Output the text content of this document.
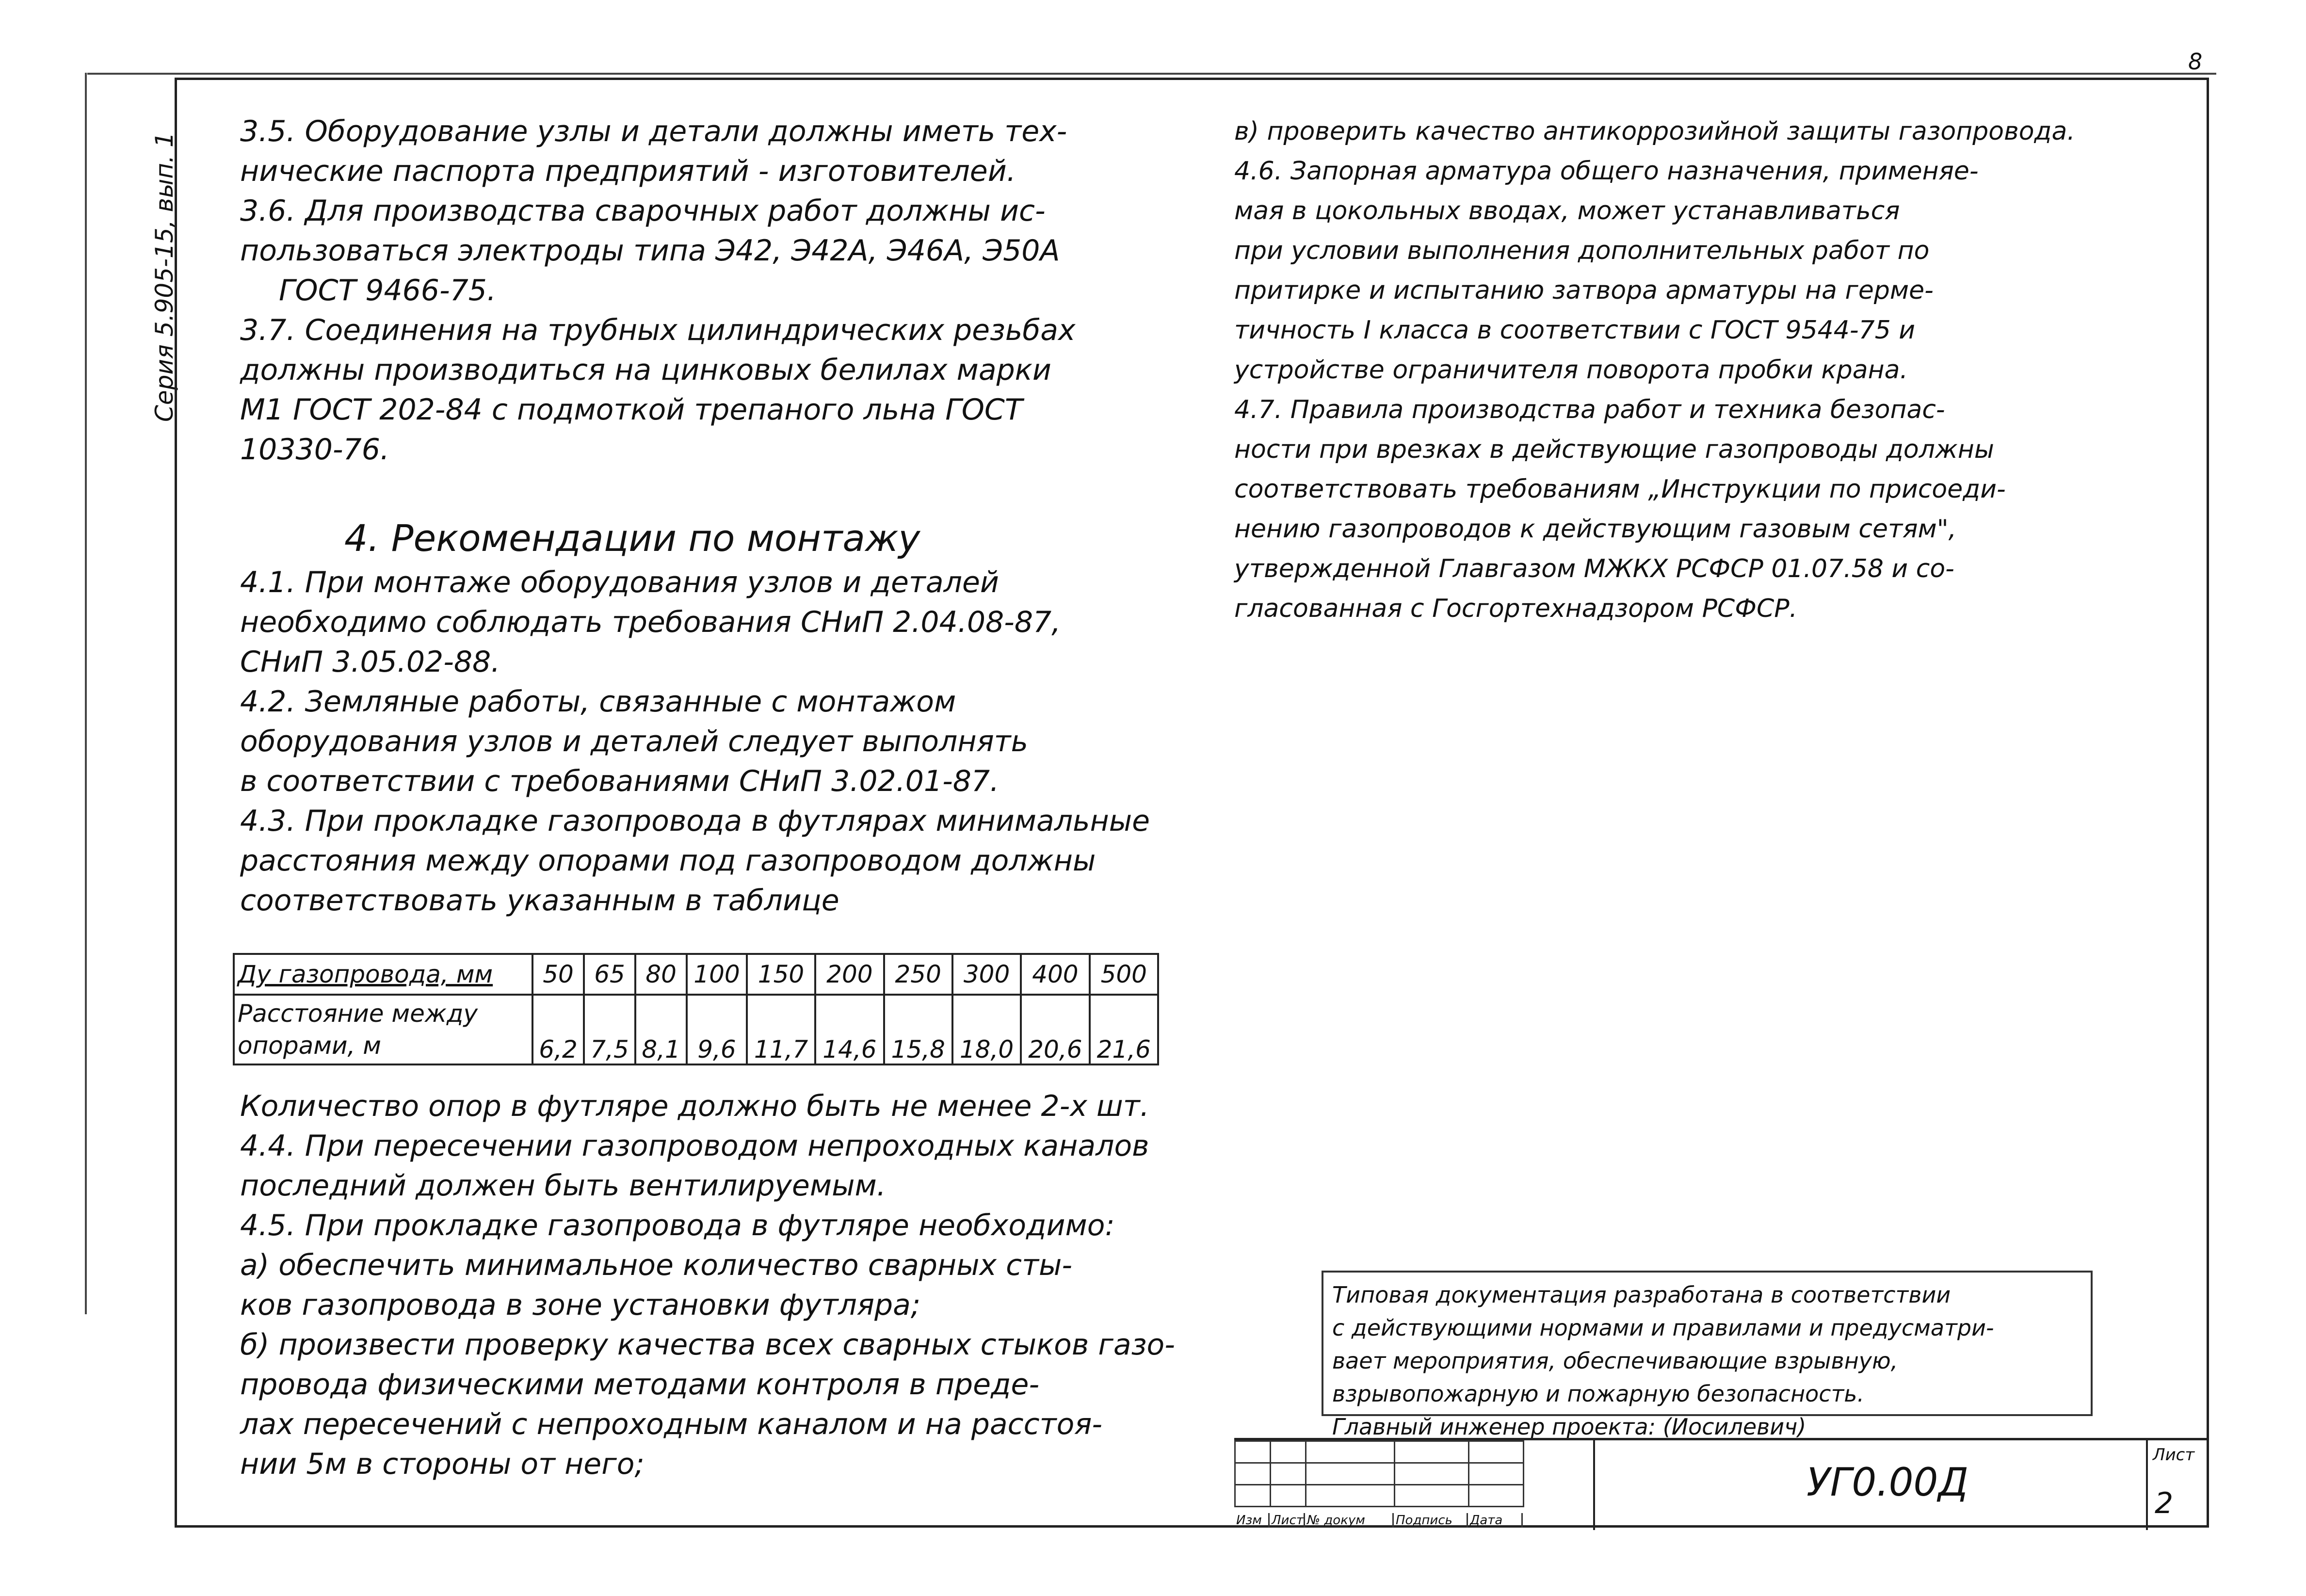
8
Серия 5.905-15, вып. 1

3.5. Оборудование узлы и детали должны иметь тех-

нические паспорта предприятий - изготовителей.

3.6. Для производства сварочных работ должны ис-

пользоваться электроды типа Э42, Э42А, Э46А, Э50А

ГОСТ 9466-75.

3.7. Соединения на трубных цилиндрических резьбах

должны производиться на цинковых белилах марки

М1 ГОСТ 202-84 с подмоткой трепаного льна ГОСТ

10330-76.

4. Рекомендации по монтажу

4.1. При монтаже оборудования узлов и деталей

необходимо соблюдать требования СНиП 2.04.08-87,

СНиП 3.05.02-88.

4.2. Земляные работы, связанные с монтажом

оборудования узлов и деталей следует выполнять

в соответствии с требованиями СНиП 3.02.01-87.

4.3. При прокладке газопровода в футлярах минимальные

расстояния между опорами под газопроводом должны

соответствовать указанным в таблице

Ду газопровода, мм	50	65	80	100	150	200	250	300	400	500

Расстояние между
опорами, м	6,2	7,5	8,1	9,6	11,7	14,6	15,8	18,0	20,6	21,6

Количество опор в футляре должно быть не менее 2-х шт.

4.4. При пересечении газопроводом непроходных каналов

последний должен быть вентилируемым.

4.5. При прокладке газопровода в футляре необходимо:

а) обеспечить минимальное количество сварных сты-

ков газопровода в зоне установки футляра;

б) произвести проверку качества всех сварных стыков газо-

провода физическими методами контроля в преде-

лах пересечений с непроходным каналом и на расстоя-

нии 5м в стороны от него;

в) проверить качество антикоррозийной защиты газопровода.

4.6. Запорная арматура общего назначения, применяе-

мая в цокольных вводах, может устанавливаться

при условии выполнения дополнительных работ по

притирке и испытанию затвора арматуры на герме-

тичность I класса в соответствии с ГОСТ 9544-75 и

устройстве ограничителя поворота пробки крана.

4.7. Правила производства работ и техника безопас-

ности при врезках в действующие газопроводы должны

соответствовать требованиям „Инструкции по присоеди-

нению газопроводов к действующим газовым сетям",

утвержденной Главгазом МЖКХ РСФСР 01.07.58 и со-

гласованная с Госгортехнадзором РСФСР.

Типовая документация разработана в соответствии

с действующими нормами и правилами и предусматри-

вает мероприятия, обеспечивающие взрывную,

взрывопожарную и пожарную безопасность.

Главный инженер проекта: (Иосилевич)

Изм Лист № докум Подпись Дата
УГ0.00Д
Лист
2
